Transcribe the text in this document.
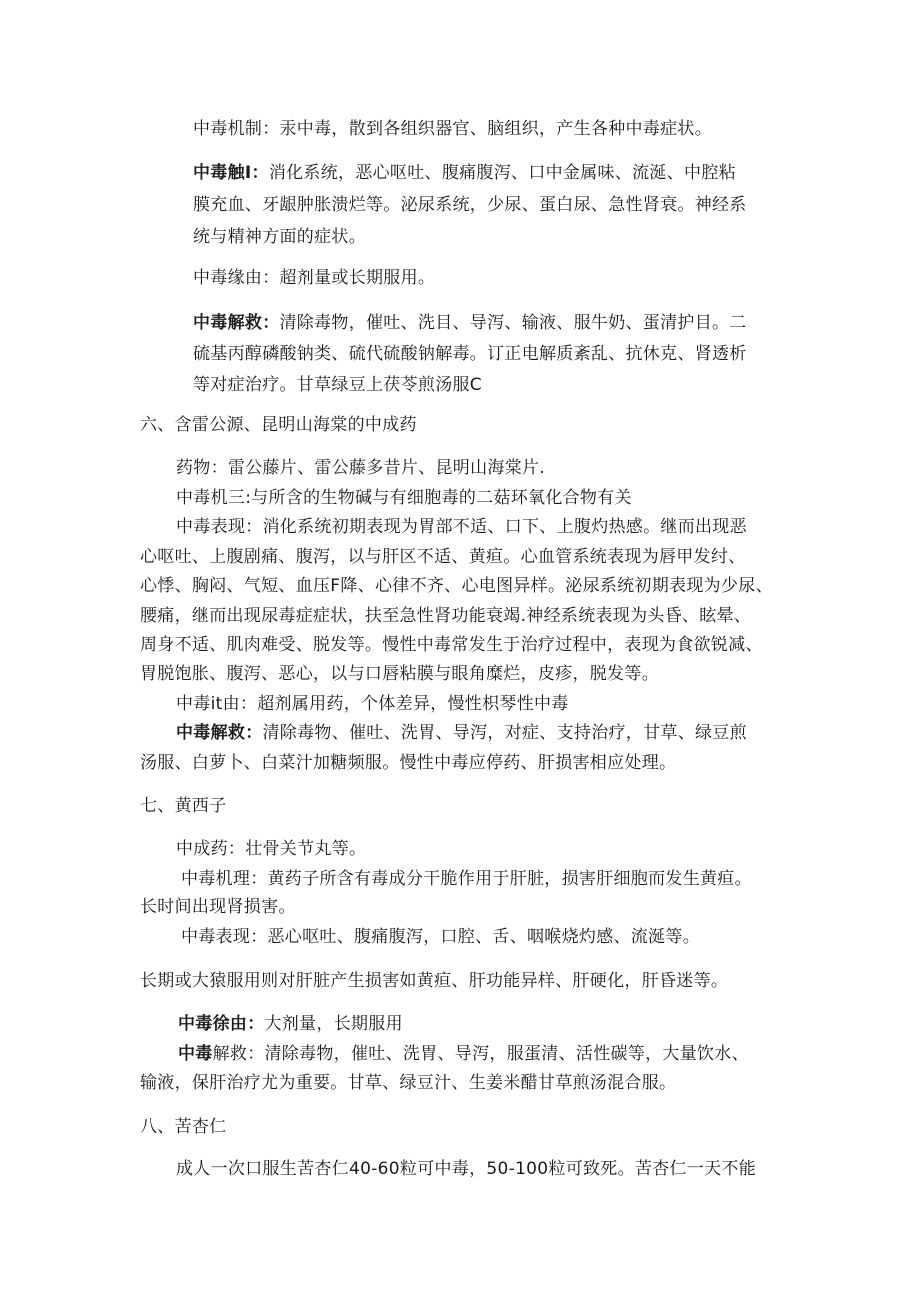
中毒机制：汞中毒，散到各组织器官、脑组织，产生各种中毒症状。
中毒触I：消化系统，恶心呕吐、腹痛腹泻、口中金属味、流涎、中腔粘
膜充血、牙龈肿胀溃烂等。泌尿系统，少尿、蛋白尿、急性肾衰。神经系
统与精神方面的症状。
中毒缘由：超剂量或长期服用。
中毒解救：清除毒物，催吐、洗目、导泻、输液、服牛奶、蛋清护目。二
硫基丙醇磷酸钠类、硫代硫酸钠解毒。订正电解质紊乱、抗休克、肾透析
等对症治疗。甘草绿豆上茯苓煎汤服C
六、含雷公源、昆明山海棠的中成药
药物：雷公藤片、雷公藤多昔片、昆明山海棠片.
中毒机三:与所含的生物碱与有细胞毒的二菇环氧化合物有关
中毒表现：消化系统初期表现为胃部不适、口下、上腹灼热感。继而出现恶
心呕吐、上腹剧痛、腹泻，以与肝区不适、黄疸。心血管系统表现为唇甲发纣、
心悸、胸闷、气短、血压F降、心律不齐、心电图异样。泌尿系统初期表现为少尿、
腰痛，继而出现尿毒症症状，扶至急性肾功能衰竭.神经系统表现为头昏、眩晕、
周身不适、肌肉难受、脱发等。慢性中毒常发生于治疗过程中，表现为食欲锐减、
胃脱饱胀、腹泻、恶心，以与口唇粘膜与眼角糜烂，皮疹，脱发等。
中毒it由：超剂属用药，个体差异，慢性枳琴性中毒
中毒解救：清除毒物、催吐、洗胃、导泻，对症、支持治疗，甘草、绿豆煎
汤服、白萝卜、白菜汁加糖频服。慢性中毒应停药、肝损害相应处理。
七、黄西子
中成药：壮骨关节丸等。
中毒机理：黄药子所含有毒成分干脆作用于肝脏，损害肝细胞而发生黄疸。
长时间出现肾损害。
中毒表现：恶心呕吐、腹痛腹泻，口腔、舌、咽喉烧灼感、流涎等。
长期或大猿服用则对肝脏产生损害如黄疸、肝功能异样、肝硬化，肝昏迷等。
中毒徐由：大剂量，长期服用
中毒解救：清除毒物，催吐、洗胃、导泻，服蛋清、活性碳等，大量饮水、
输液，保肝治疗尤为重要。甘草、绿豆汁、生姜米醋甘草煎汤混合服。
八、苦杏仁
成人一次口服生苦杏仁40-60粒可中毒，50-100粒可致死。苦杏仁一天不能
